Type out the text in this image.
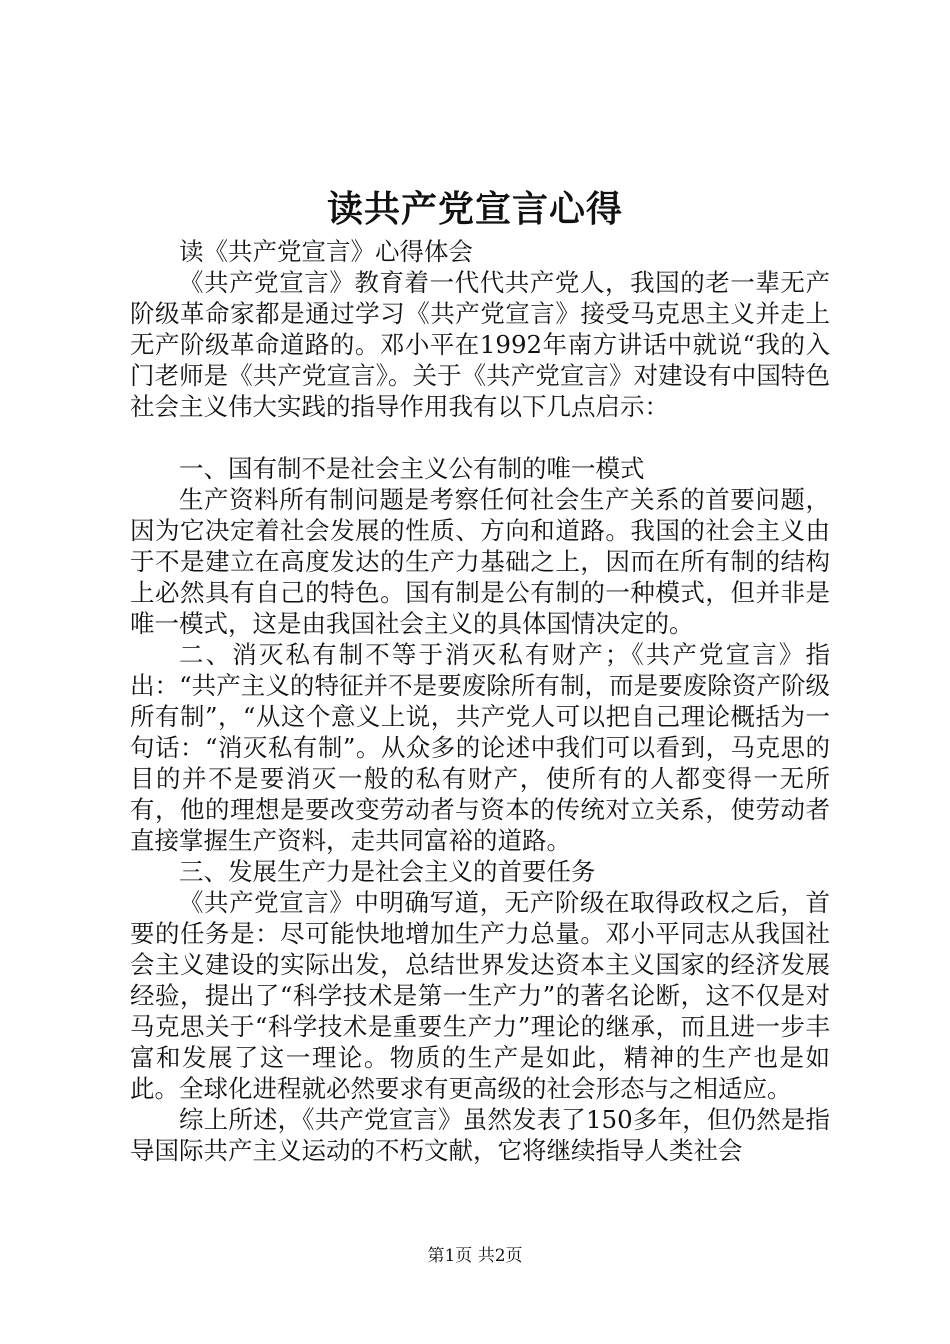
读共产党宣言心得

读《共产党宣言》心得体会

《共产党宣言》教育着一代代共产党人，我国的老一辈无产阶级革命家都是通过学习《共产党宣言》接受马克思主义并走上无产阶级革命道路的。邓小平在1992年南方讲话中就说“我的入门老师是《共产党宣言》。关于《共产党宣言》对建设有中国特色社会主义伟大实践的指导作用我有以下几点启示：

一、国有制不是社会主义公有制的唯一模式

生产资料所有制问题是考察任何社会生产关系的首要问题，因为它决定着社会发展的性质、方向和道路。我国的社会主义由于不是建立在高度发达的生产力基础之上，因而在所有制的结构上必然具有自己的特色。国有制是公有制的一种模式，但并非是唯一模式，这是由我国社会主义的具体国情决定的。

二、消灭私有制不等于消灭私有财产；《共产党宣言》指出：“共产主义的特征并不是要废除所有制，而是要废除资产阶级所有制”，“从这个意义上说，共产党人可以把自己理论概括为一句话：“消灭私有制”。从众多的论述中我们可以看到，马克思的目的并不是要消灭一般的私有财产，使所有的人都变得一无所有，他的理想是要改变劳动者与资本的传统对立关系，使劳动者直接掌握生产资料，走共同富裕的道路。

三、发展生产力是社会主义的首要任务

《共产党宣言》中明确写道，无产阶级在取得政权之后，首要的任务是：尽可能快地增加生产力总量。邓小平同志从我国社会主义建设的实际出发，总结世界发达资本主义国家的经济发展经验，提出了“科学技术是第一生产力”的著名论断，这不仅是对马克思关于“科学技术是重要生产力”理论的继承，而且进一步丰富和发展了这一理论。物质的生产是如此，精神的生产也是如此。全球化进程就必然要求有更高级的社会形态与之相适应。

综上所述，《共产党宣言》虽然发表了150多年，但仍然是指导国际共产主义运动的不朽文献，它将继续指导人类社会

第1页 共2页
